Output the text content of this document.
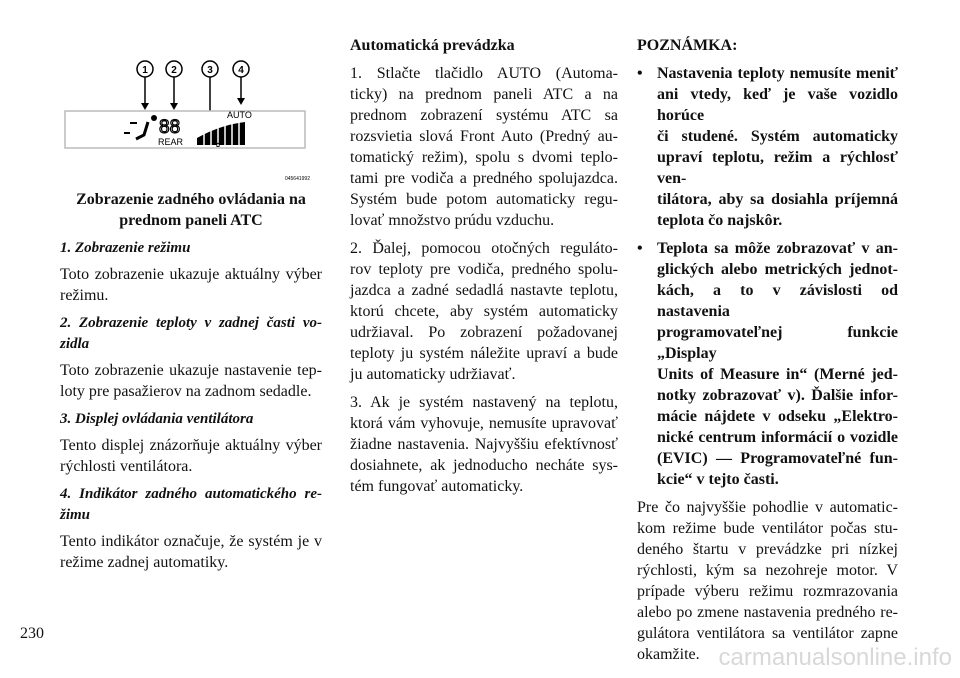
1 2	3	4
88
REAR	✿
AUTO
045641992
Zobrazenie zadného ovládania na
prednom paneli ATC
1. Zobrazenie režimu
Toto zobrazenie ukazuje aktuálny výber
režimu.
2. Zobrazenie teploty v zadnej časti vo-
zidla
Toto zobrazenie ukazuje nastavenie tep-
loty pre pasažierov na zadnom sedadle.
3. Displej ovládania ventilátora
Tento displej znázorňuje aktuálny výber
rýchlosti ventilátora.
4. Indikátor zadného automatického re-
žimu
Tento indikátor označuje, že systém je v
režime zadnej automatiky.
Automatická prevádzka
1. Stlačte tlačidlo AUTO (Automa-
ticky) na prednom paneli ATC a na
prednom zobrazení systému ATC sa
rozsvietia slová Front Auto (Predný au-
tomatický režim), spolu s dvomi teplo-
tami pre vodiča a predného spolujazdca.
Systém bude potom automaticky regu-
lovať množstvo prúdu vzduchu.
2. Ďalej, pomocou otočných reguláto-
rov teploty pre vodiča, predného spolu-
jazdca a zadné sedadlá nastavte teplotu,
ktorú chcete, aby systém automaticky
udržiaval. Po zobrazení požadovanej
teploty ju systém náležite upraví a bude
ju automaticky udržiavať.
3. Ak je systém nastavený na teplotu,
ktorá vám vyhovuje, nemusíte upravovať
žiadne nastavenia. Najvyššiu efektívnosť
dosiahnete, ak jednoducho necháte sys-
tém fungovať automaticky.
POZNÁMKA:
• Nastavenia teploty nemusíte meniť
ani vtedy, keď je vaše vozidlo horúce
či studené. Systém automaticky
upraví teplotu, režim a rýchlosť ven-
tilátora, aby sa dosiahla príjemná
teplota čo najskôr.
• Teplota sa môže zobrazovať v an-
glických alebo metrických jednot-
kách, a to v závislosti od nastavenia
programovateľnej funkcie „Display
Units of Measure in“ (Merné jed-
notky zobrazovať v). Ďalšie infor-
mácie nájdete v odseku „Elektro-
nické centrum informácií o vozidle
(EVIC) — Programovateľné fun-
kcie“ v tejto časti.
Pre čo najvyššie pohodlie v automatic-
kom režime bude ventilátor počas stu-
deného štartu v prevádzke pri nízkej
rýchlosti, kým sa nezohreje motor. V
prípade výberu režimu rozmrazovania
alebo po zmene nastavenia predného re-
gulátora ventilátora sa ventilátor zapne
okamžite.
230
carmanualsonline.info
